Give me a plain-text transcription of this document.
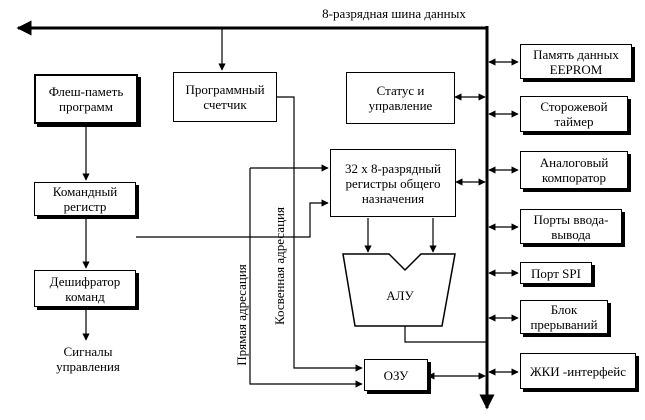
8-разрядная шина данных
Флеш-паметь
программ
Программный
счетчик
Статус и
управление
Командный
регистр
32 x 8-разрядный
регистры общего
назначения
Дешифратор
команд	АЛУ
ОЗУ
Память данных
EEPROM
Сторожевой
таймер
Аналоговый
компоратор
Порты ввода-
вывода
Порт SPI
Блок
прерываний
ЖКИ -интерфейс
Сигналы
управления
Прямая адресация Косвенная адресация
